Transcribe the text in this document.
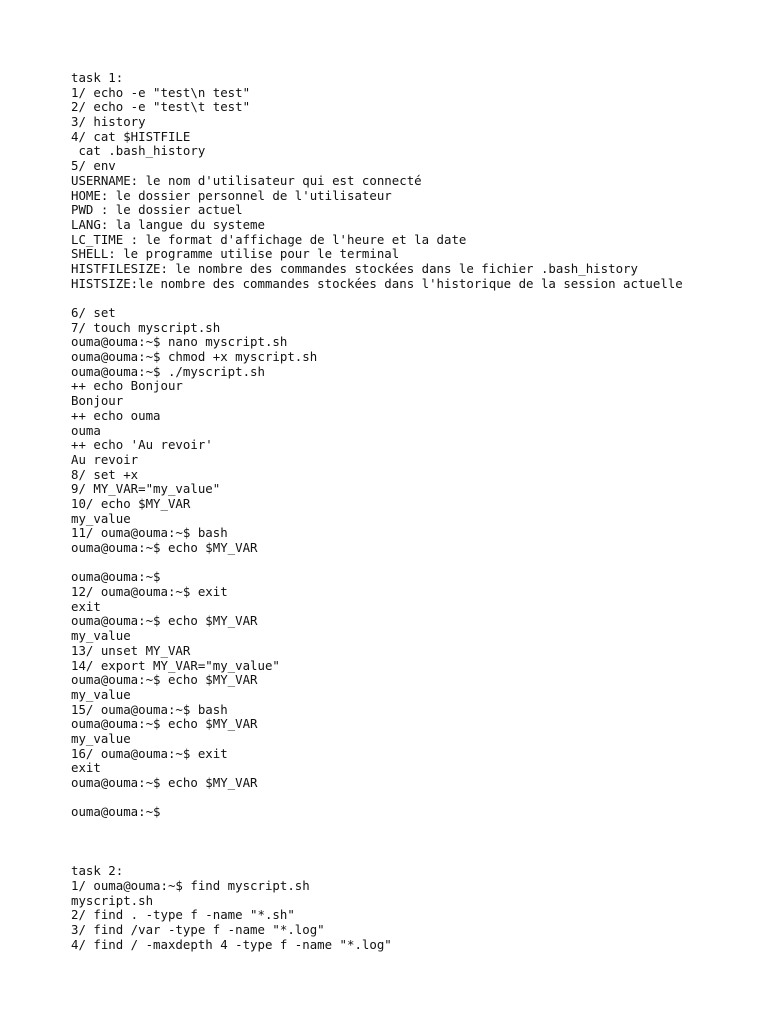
task 1:
1/ echo -e "test\n test"
2/ echo -e "test\t test"
3/ history
4/ cat $HISTFILE
cat .bash_history
5/ env
USERNAME: le nom d'utilisateur qui est connecté
HOME: le dossier personnel de l'utilisateur
PWD : le dossier actuel
LANG: la langue du systeme
LC_TIME : le format d'affichage de l'heure et la date
SHELL: le programme utilise pour le terminal
HISTFILESIZE: le nombre des commandes stockées dans le fichier .bash_history
HISTSIZE:le nombre des commandes stockées dans l'historique de la session actuelle
6/ set
7/ touch myscript.sh
ouma@ouma:~$ nano myscript.sh
ouma@ouma:~$ chmod +x myscript.sh
ouma@ouma:~$ ./myscript.sh
++ echo Bonjour
Bonjour
++ echo ouma
ouma
++ echo 'Au revoir'
Au revoir
8/ set +x
9/ MY_VAR="my_value"
10/ echo $MY_VAR
my_value
11/ ouma@ouma:~$ bash
ouma@ouma:~$ echo $MY_VAR
ouma@ouma:~$
12/ ouma@ouma:~$ exit
exit
ouma@ouma:~$ echo $MY_VAR
my_value
13/ unset MY_VAR
14/ export MY_VAR="my_value"
ouma@ouma:~$ echo $MY_VAR
my_value
15/ ouma@ouma:~$ bash
ouma@ouma:~$ echo $MY_VAR
my_value
16/ ouma@ouma:~$ exit
exit
ouma@ouma:~$ echo $MY_VAR
ouma@ouma:~$
task 2:
1/ ouma@ouma:~$ find myscript.sh
myscript.sh
2/ find . -type f -name "*.sh"
3/ find /var -type f -name "*.log"
4/ find / -maxdepth 4 -type f -name "*.log"
